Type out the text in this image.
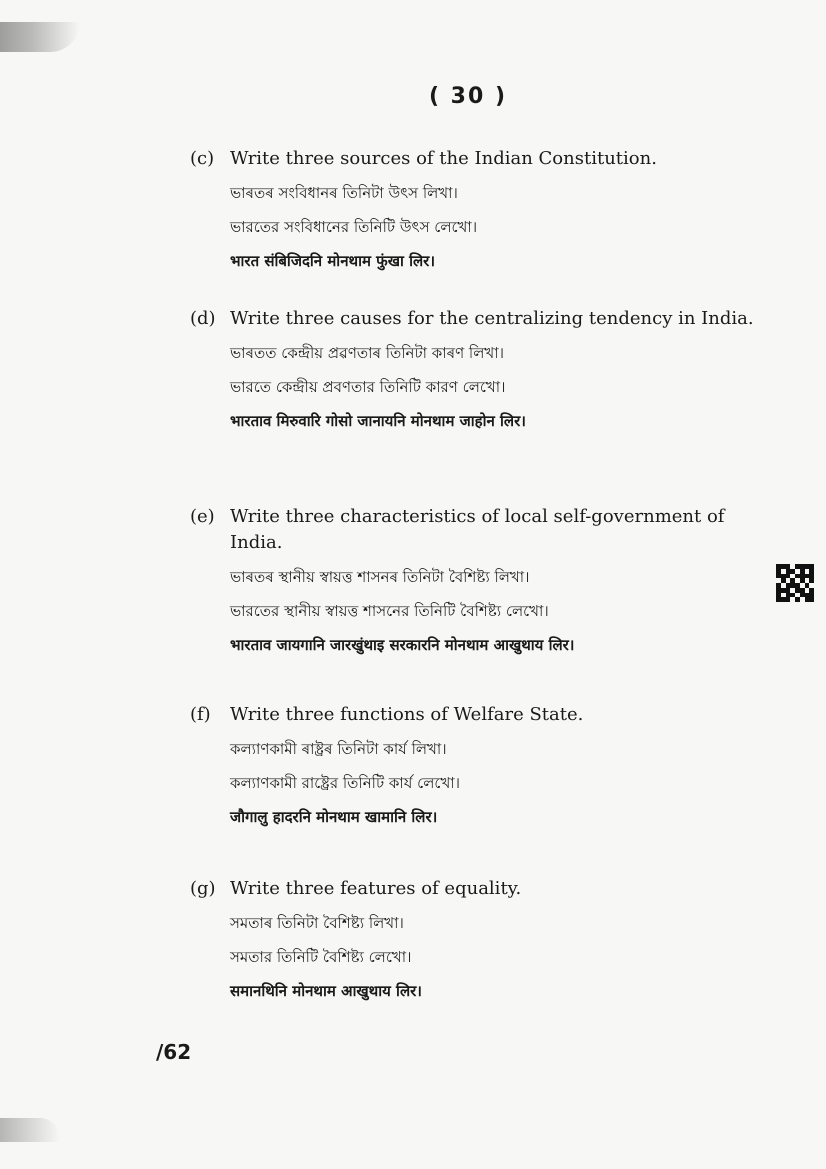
( 30 )
(c) Write three sources of the Indian Constitution.
ভাৰতৰ সংবিধানৰ তিনিটা উৎস লিখা।
ভারতের সংবিধানের তিনিটি উৎস লেখো।
भारत संबिजिदनि मोनथाम फुंखा लिर।
(d) Write three causes for the centralizing tendency in India.
ভাৰতত কেন্দ্ৰীয় প্ৰৱণতাৰ তিনিটা কাৰণ লিখা।
ভারতে কেন্দ্রীয় প্রবণতার তিনিটি কারণ লেখো।
भारताव मिरुवारि गोसो जानायनि मोनथाम जाहोन लिर।
(e) Write three characteristics of local self-government of India.
ভাৰতৰ স্থানীয় স্বায়ত্ত শাসনৰ তিনিটা বৈশিষ্ট্য লিখা।
ভারতের স্থানীয় স্বায়ত্ত শাসনের তিনিটি বৈশিষ্ট্য লেখো।
भारताव जायगानि जारखुंथाइ सरकारनि मोनथाम आखुथाय लिर।
(f)	Write three functions of Welfare State.
কল্যাণকামী ৰাষ্ট্ৰৰ তিনিটা কাৰ্য লিখা।
কল্যাণকামী রাষ্ট্রের তিনিটি কার্য লেখো।
जौगालु हादरनि मोनथाम खामानि लिर।
(g) Write three features of equality.
সমতাৰ তিনিটা বৈশিষ্ট্য লিখা।
সমতার তিনিটি বৈশিষ্ট্য লেখো।
समानथिनि मोनथाम आखुथाय लिर।
/62
